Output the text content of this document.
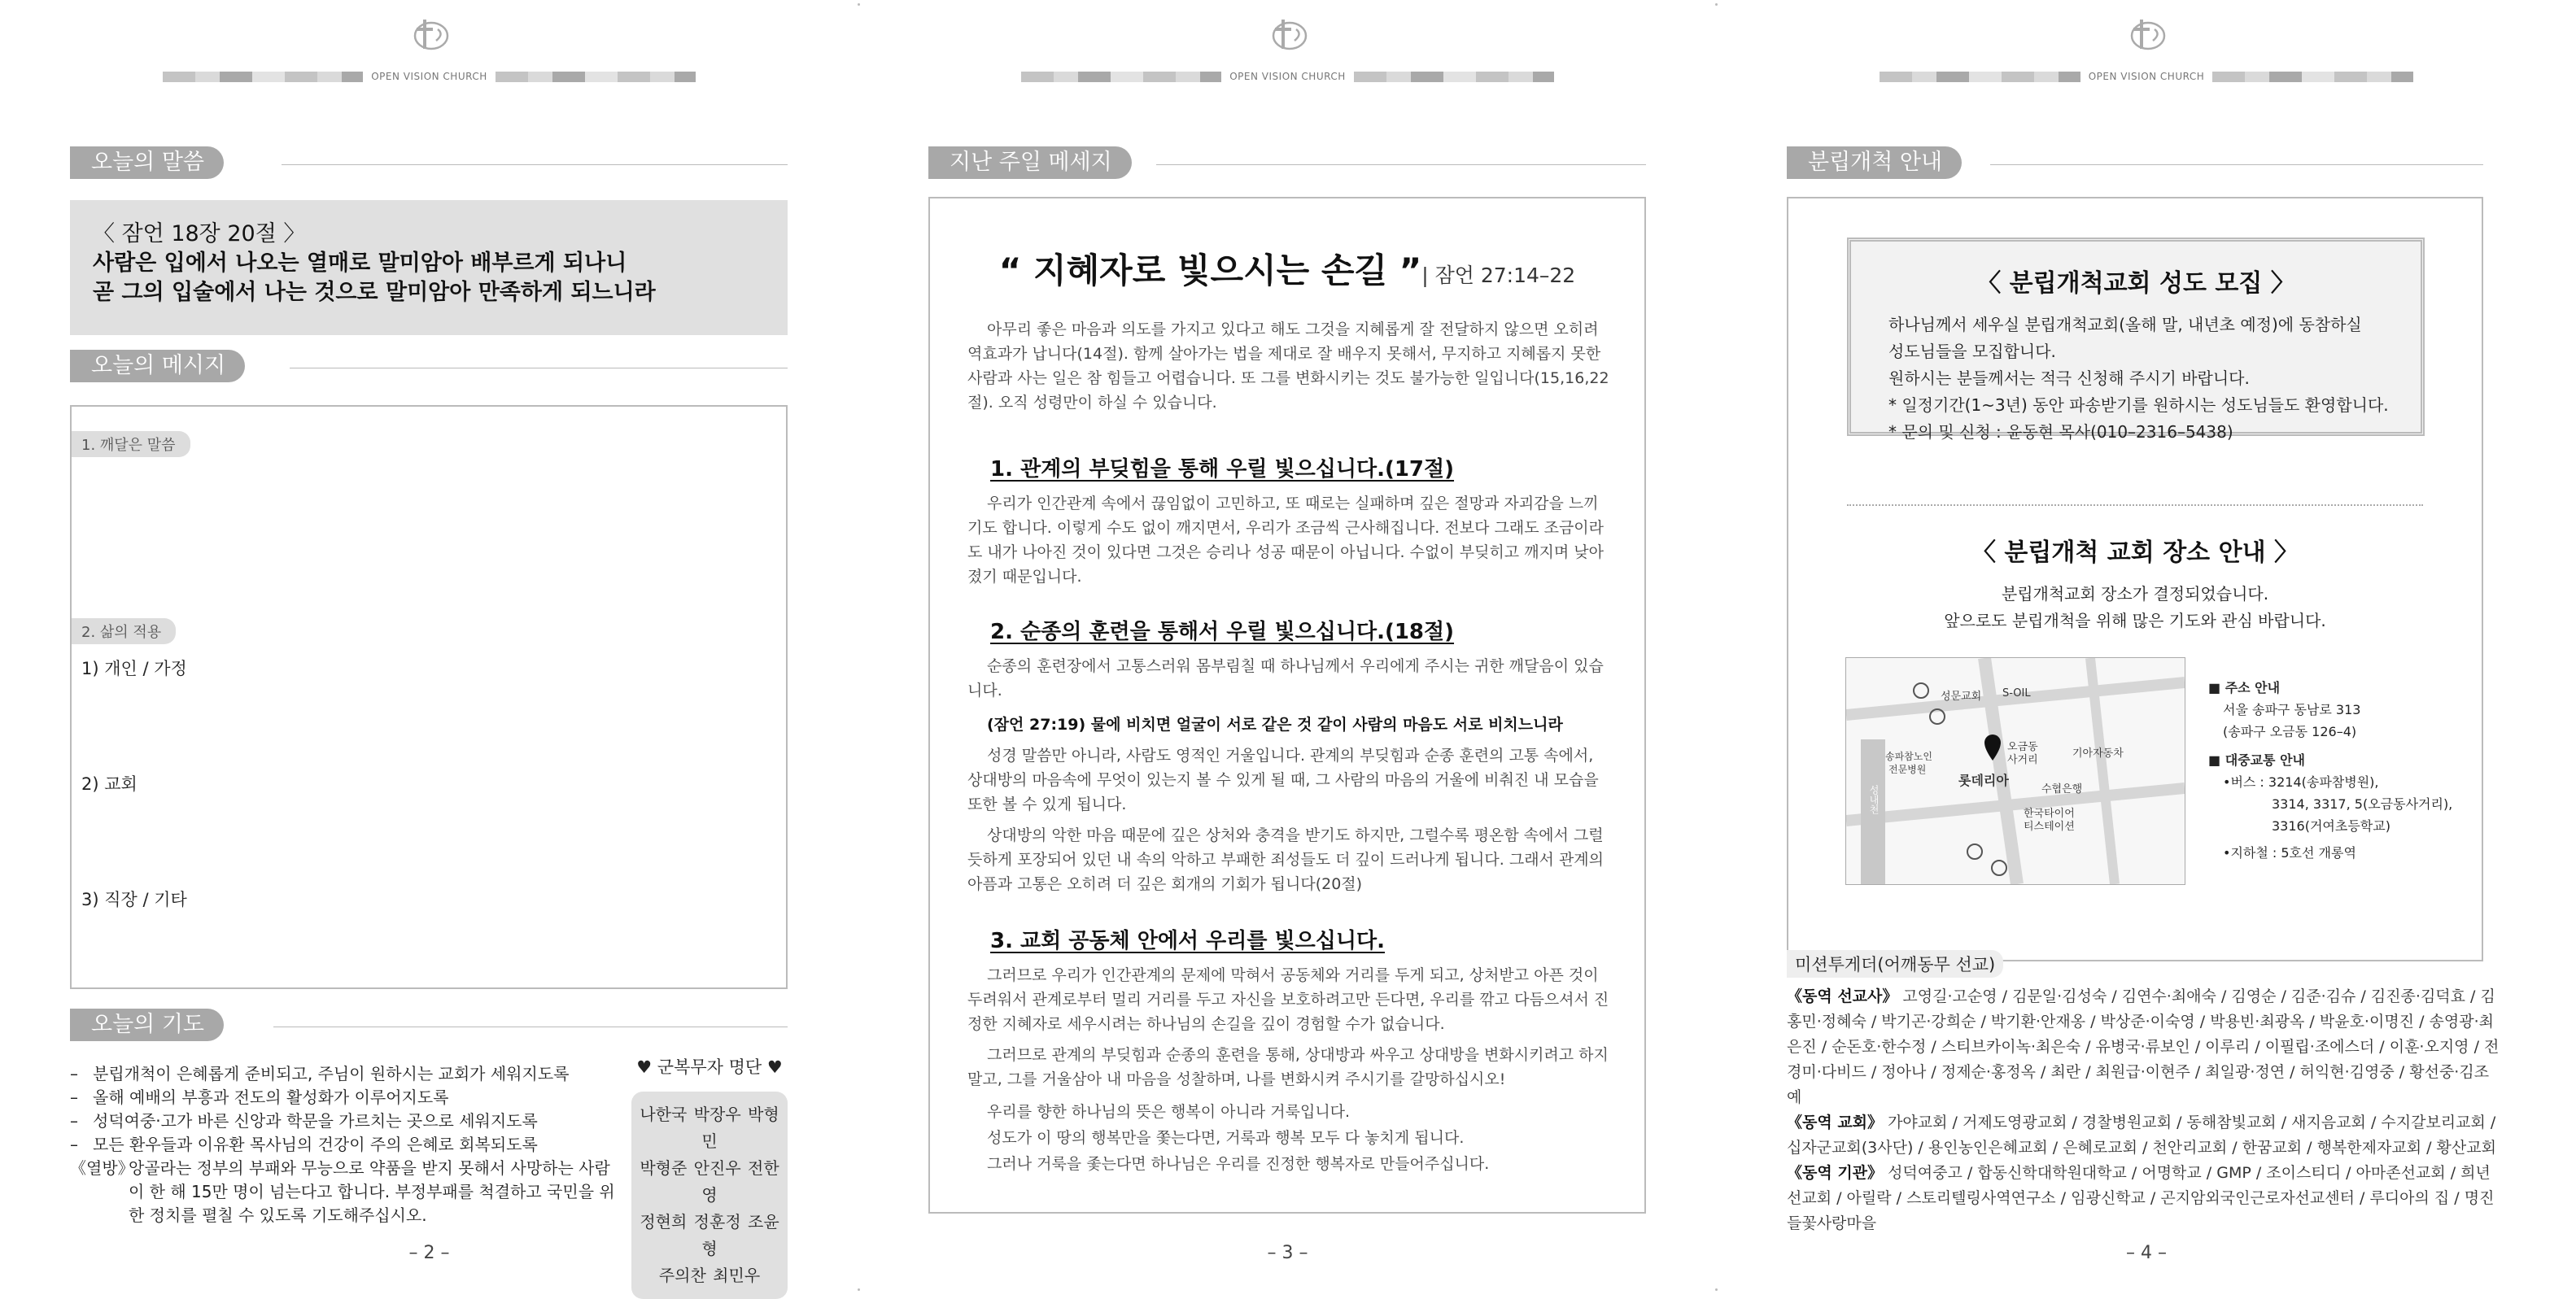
OPEN VISION CHURCH
오늘의 말씀
〈 잠언 18장 20절 〉
사람은 입에서 나오는 열매로 말미암아 배부르게 되나니
곧 그의 입술에서 나는 것으로 말미암아 만족하게 되느니라
오늘의 메시지
1. 깨달은 말씀
2. 삶의 적용
1) 개인 / 가정
2) 교회
3) 직장 / 기타
오늘의 기도
– 분립개척이 은혜롭게 준비되고, 주님이 원하시는 교회가 세워지도록
– 올해 예배의 부흥과 전도의 활성화가 이루어지도록
– 성덕여중·고가 바른 신앙과 학문을 가르치는 곳으로 세워지도록
– 모든 환우들과 이유환 목사님의 건강이 주의 은혜로 회복되도록
《열방》
앙골라는 정부의 부패와 무능으로 약품을 받지 못해서 사망하는 사람이 한 해 15만 명이 넘는다고 합니다. 부정부패를 척결하고 국민을 위한 정치를 펼칠 수 있도록 기도해주십시오.
♥ 군복무자 명단 ♥
나한국 박장우 박형민
박형준 안진우 전한영
정현희 정훈정 조윤형
주의찬 최민우
– 2 –
OPEN VISION CHURCH
지난 주일 메세지
“ 지혜자로 빛으시는 손길 ”| 잠언 27:14–22
아무리 좋은 마음과 의도를 가지고 있다고 해도 그것을 지혜롭게 잘 전달하지 않으면 오히려 역효과가 납니다(14절). 함께 살아가는 법을 제대로 잘 배우지 못해서, 무지하고 지혜롭지 못한 사람과 사는 일은 참 힘들고 어렵습니다. 또 그를 변화시키는 것도 불가능한 일입니다(15,16,22절). 오직 성령만이 하실 수 있습니다.
1. 관계의 부딪힘을 통해 우릴 빛으십니다.(17절)
우리가 인간관계 속에서 끊임없이 고민하고, 또 때로는 실패하며 깊은 절망과 자괴감을 느끼기도 합니다. 이렇게 수도 없이 깨지면서, 우리가 조금씩 근사해집니다. 전보다 그래도 조금이라도 내가 나아진 것이 있다면 그것은 승리나 성공 때문이 아닙니다. 수없이 부딪히고 깨지며 낮아졌기 때문입니다.
2. 순종의 훈련을 통해서 우릴 빛으십니다.(18절)
순종의 훈련장에서 고통스러워 몸부림칠 때 하나님께서 우리에게 주시는 귀한 깨달음이 있습니다.
(잠언 27:19) 물에 비치면 얼굴이 서로 같은 것 같이 사람의 마음도 서로 비치느니라
성경 말씀만 아니라, 사람도 영적인 거울입니다. 관계의 부딪힘과 순종 훈련의 고통 속에서, 상대방의 마음속에 무엇이 있는지 볼 수 있게 될 때, 그 사람의 마음의 거울에 비춰진 내 모습을 또한 볼 수 있게 됩니다.
상대방의 악한 마음 때문에 깊은 상처와 충격을 받기도 하지만, 그럴수록 평온함 속에서 그럴듯하게 포장되어 있던 내 속의 악하고 부패한 죄성들도 더 깊이 드러나게 됩니다. 그래서 관계의 아픔과 고통은 오히려 더 깊은 회개의 기회가 됩니다(20절)
3. 교회 공동체 안에서 우리를 빛으십니다.
그러므로 우리가 인간관계의 문제에 막혀서 공동체와 거리를 두게 되고, 상처받고 아픈 것이 두려워서 관계로부터 멀리 거리를 두고 자신을 보호하려고만 든다면, 우리를 깎고 다듬으셔서 진정한 지혜자로 세우시려는 하나님의 손길을 깊이 경험할 수가 없습니다.
그러므로 관계의 부딪힘과 순종의 훈련을 통해, 상대방과 싸우고 상대방을 변화시키려고 하지 말고, 그를 거울삼아 내 마음을 성찰하며, 나를 변화시켜 주시기를 갈망하십시오!
우리를 향한 하나님의 뜻은 행복이 아니라 거룩입니다.
성도가 이 땅의 행복만을 쫓는다면, 거룩과 행복 모두 다 놓치게 됩니다.
그러나 거룩을 좇는다면 하나님은 우리를 진정한 행복자로 만들어주십니다.
– 3 –
OPEN VISION CHURCH
분립개척 안내
〈 분립개척교회 성도 모집 〉
하나님께서 세우실 분립개척교회(올해 말, 내년초 예정)에 동참하실
성도님들을 모집합니다.
원하시는 분들께서는 적극 신청해 주시기 바랍니다.
* 일정기간(1~3년) 동안 파송받기를 원하시는 성도님들도 환영합니다.
* 문의 및 신청 : 윤동현 목사(010–2316–5438)
〈 분립개척 교회 장소 안내 〉
분립개척교회 장소가 결정되었습니다.
앞으로도 분립개척을 위해 많은 기도와 관심 바랍니다.
성문교회 S-OIL
송파참노인
전문병원
오금동
사거리
기아자동차
롯데리아
수협은행
한국타이어
티스테이션
성내천
■ 주소 안내
서울 송파구 동남로 313
(송파구 오금동 126–4)
■ 대중교통 안내
•버스 : 3214(송파참병원),
3314, 3317, 5(오금동사거리),
3316(거여초등학교)
•지하철 : 5호선 개롱역
미션투게더(어깨동무 선교)
《동역 선교사》 고영길·고순영 / 김문일·김성숙 / 김연수·최애숙 / 김영순 / 김준·김슈 / 김진종·김덕효 / 김홍민·정혜숙 / 박기곤·강희순 / 박기환·안재옹 / 박상준·이숙영 / 박용빈·최광옥 / 박윤호·이명진 / 송영광·최은진 / 순돈호·한수정 / 스티브카이녹·최은숙 / 유병국·류보인 / 이루리 / 이필립·조에스더 / 이훈·오지영 / 전경미·다비드 / 정아나 / 정제순·홍정옥 / 최란 / 최원급·이현주 / 최일광·정연 / 허익현·김영중 / 황선중·김조예
《동역 교회》 가야교회 / 거제도영광교회 / 경찰병원교회 / 동해참빛교회 / 새지음교회 / 수지갈보리교회 / 십자군교회(3사단) / 용인농인은혜교회 / 은혜로교회 / 천안리교회 / 한꿈교회 / 행복한제자교회 / 황산교회
《동역 기관》 성덕여중고 / 합동신학대학원대학교 / 어명학교 / GMP / 조이스티디 / 아마존선교회 / 희년선교회 / 아릴락 / 스토리텔링사역연구소 / 임광신학교 / 곤지암외국인근로자선교센터 / 루디아의 집 / 명진들꽃사랑마을
– 4 –
